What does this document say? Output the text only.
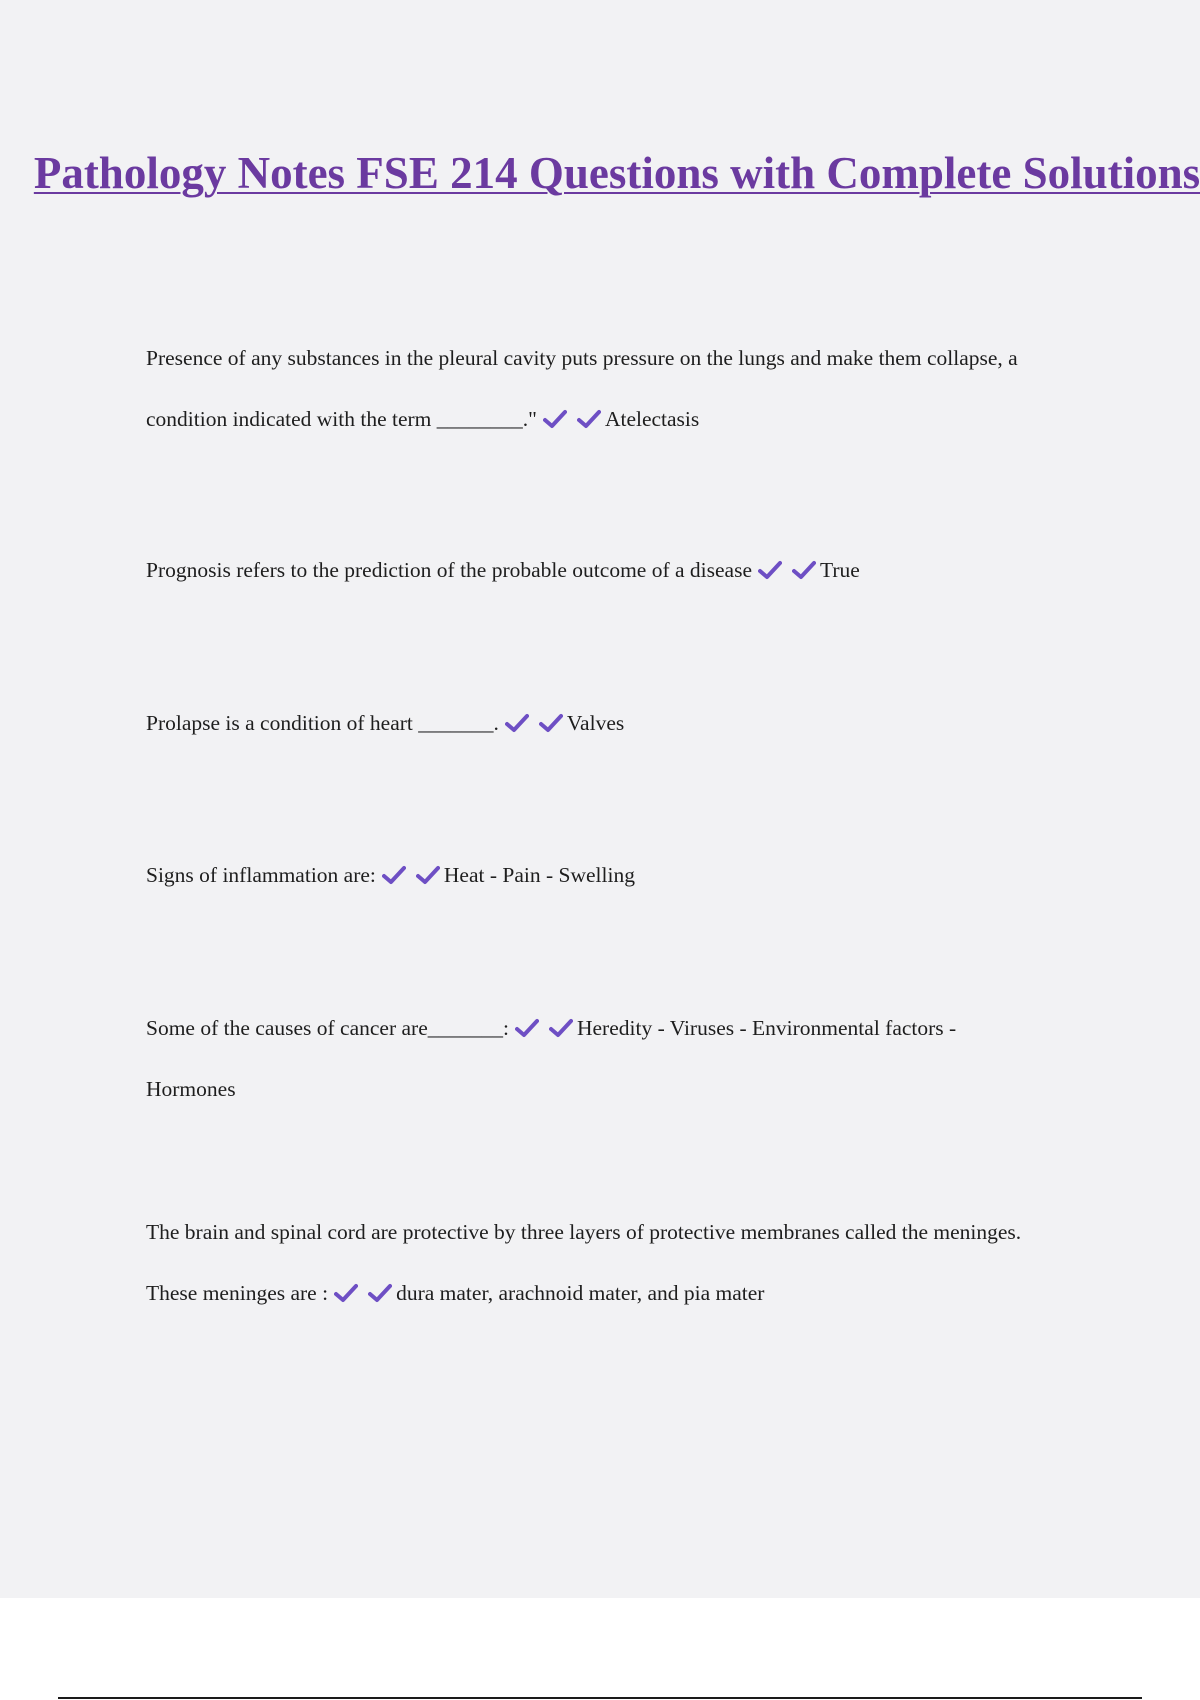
Pathology Notes FSE 214 Questions with Complete Solutions

Presence of any substances in the pleural cavity puts pressure on the lungs and make them collapse, a condition indicated with the term ________."	Atelectasis

Prognosis refers to the prediction of the probable outcome of a disease	True

Prolapse is a condition of heart _______.	Valves

Signs of inflammation are:	Heat - Pain - Swelling

Some of the causes of cancer are_______:	Heredity - Viruses - Environmental factors - Hormones

The brain and spinal cord are protective by three layers of protective membranes called the meninges. These meninges are :	dura mater, arachnoid mater, and pia mater
